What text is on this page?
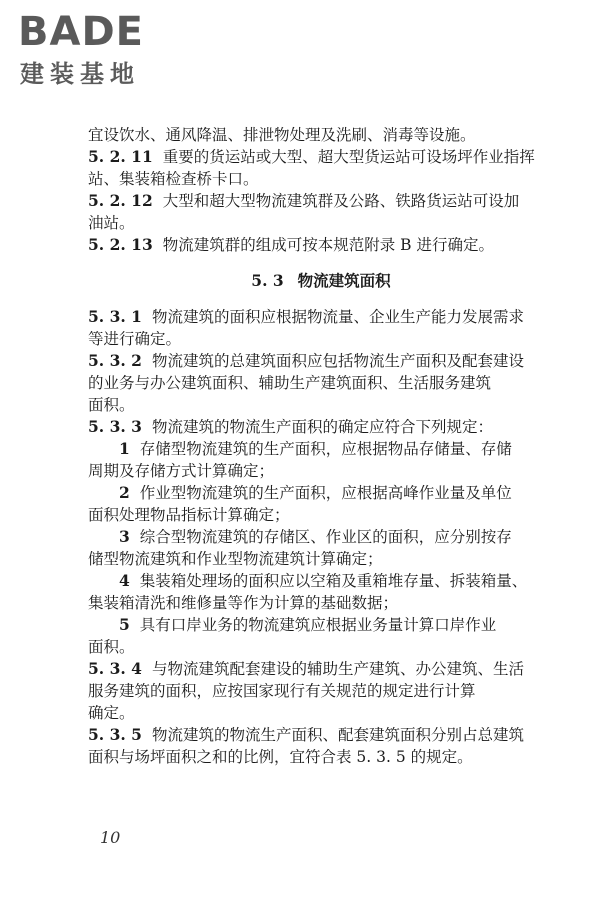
BADE
建装基地

宜设饮水、通风降温、排泄物处理及洗刷、消毒等设施。

5. 2. 11 重要的货运站或大型、超大型货运站可设场坪作业指挥

站、集装箱检查桥卡口。

5. 2. 12 大型和超大型物流建筑群及公路、铁路货运站可设加

油站。

5. 2. 13 物流建筑群的组成可按本规范附录 B 进行确定。

5. 3 物流建筑面积

5. 3. 1 物流建筑的面积应根据物流量、企业生产能力发展需求

等进行确定。

5. 3. 2 物流建筑的总建筑面积应包括物流生产面积及配套建设

的业务与办公建筑面积、辅助生产建筑面积、生活服务建筑

面积。

5. 3. 3 物流建筑的物流生产面积的确定应符合下列规定：

1 存储型物流建筑的生产面积，应根据物品存储量、存储

周期及存储方式计算确定；

2 作业型物流建筑的生产面积，应根据高峰作业量及单位

面积处理物品指标计算确定；

3 综合型物流建筑的存储区、作业区的面积，应分别按存

储型物流建筑和作业型物流建筑计算确定；

4 集装箱处理场的面积应以空箱及重箱堆存量、拆装箱量、

集装箱清洗和维修量等作为计算的基础数据；

5 具有口岸业务的物流建筑应根据业务量计算口岸作业

面积。

5. 3. 4 与物流建筑配套建设的辅助生产建筑、办公建筑、生活

服务建筑的面积，应按国家现行有关规范的规定进行计算

确定。

5. 3. 5 物流建筑的物流生产面积、配套建筑面积分别占总建筑

面积与场坪面积之和的比例，宜符合表 5. 3. 5 的规定。

10
